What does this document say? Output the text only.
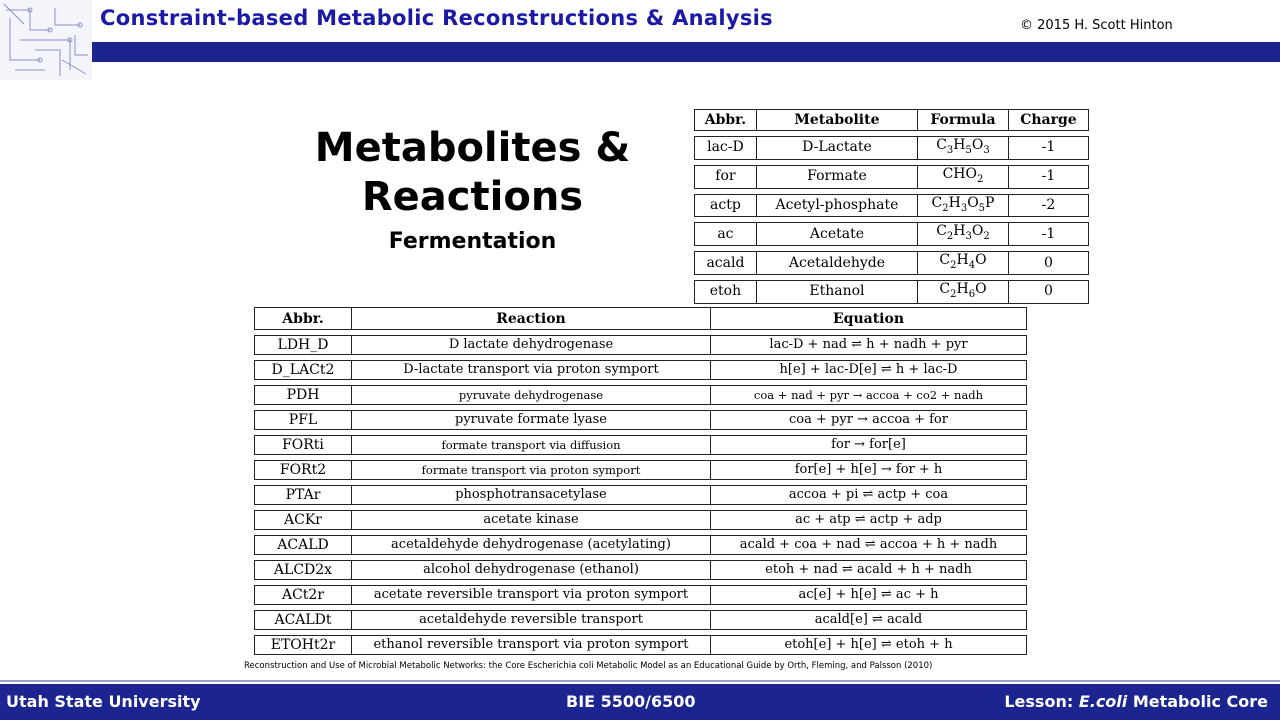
Constraint-based Metabolic Reconstructions & Analysis	© 2015 H. Scott Hinton
Metabolites &
Reactions
Fermentation
Abbr.	Metabolite	Formula	Charge
lac-D	D-Lactate	$C_3H_5O_3$	-1
for	Formate	$CHO_2$	-1
actp	Acetyl-phosphate	$C_2H_3O_5P$	-2
ac	Acetate	$C_2H_3O_2$	-1
acald	Acetaldehyde	$C_2H_4O$	0
etoh	Ethanol	$C_2H_6O$	0
Abbr.	Reaction	Equation
LDH_D	D lactate dehydrogenase	lac-D + nad ⇌ h + nadh + pyr
D_LACt2	D-lactate transport via proton symport	h[e] + lac-D[e] ⇌ h + lac-D
PDH	pyruvate dehydrogenase	coa + nad + pyr → accoa + co2 + nadh
PFL	pyruvate formate lyase	coa + pyr → accoa + for
FORti	formate transport via diffusion	for → for[e]
FORt2	formate transport via proton symport	for[e] + h[e] → for + h
PTAr	phosphotransacetylase	accoa + pi ⇌ actp + coa
ACKr	acetate kinase	ac + atp ⇌ actp + adp
ACALD	acetaldehyde dehydrogenase (acetylating)	acald + coa + nad ⇌ accoa + h + nadh
ALCD2x	alcohol dehydrogenase (ethanol)	etoh + nad ⇌ acald + h + nadh
ACt2r	acetate reversible transport via proton symport	ac[e] + h[e] ⇌ ac + h
ACALDt	acetaldehyde reversible transport	acald[e] ⇌ acald
ETOHt2r	ethanol reversible transport via proton symport	etoh[e] + h[e] ⇌ etoh + h
Reconstruction and Use of Microbial Metabolic Networks: the Core Escherichia coli Metabolic Model as an Educational Guide by Orth, Fleming, and Palsson (2010)
Utah State University	BIE 5500/6500	Lesson: E.coli Metabolic Core
